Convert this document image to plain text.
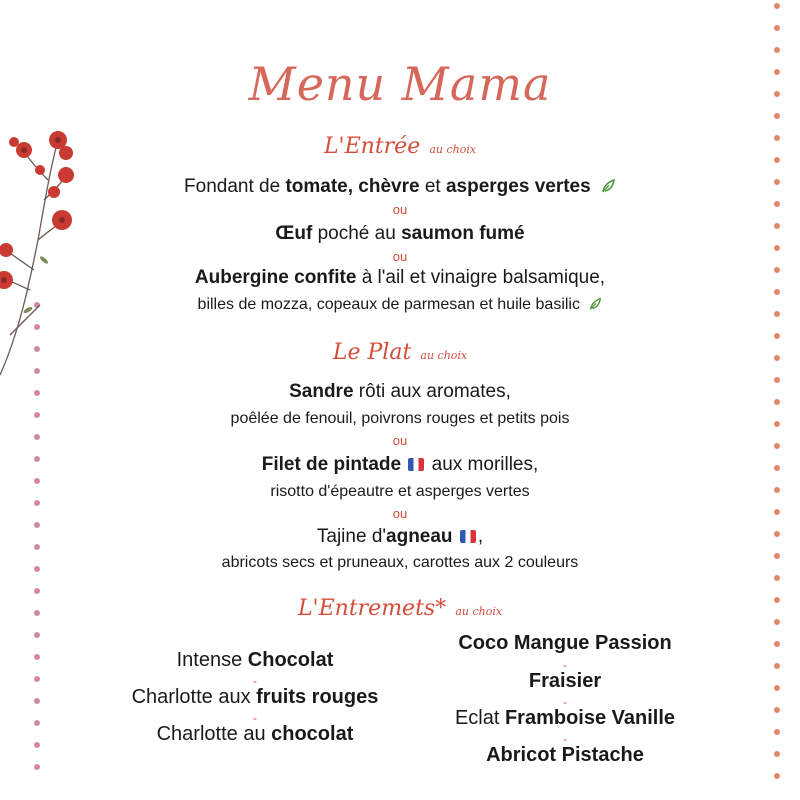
Menu Mama
L'Entrée au choix
Fondant de tomate, chèvre et asperges vertes
ou
Œuf poché au saumon fumé
ou
Aubergine confite à l'ail et vinaigre balsamique,
billes de mozza, copeaux de parmesan et huile basilic
Le Plat au choix
Sandre rôti aux aromates,
poêlée de fenouil, poivrons rouges et petits pois
ou
Filet de pintade  aux morilles,
risotto d'épeautre et asperges vertes
ou
Tajine d'agneau ,
abricots secs et pruneaux, carottes aux 2 couleurs
L'Entremets* au choix
Intense Chocolat
-
Charlotte aux fruits rouges
-
Charlotte au chocolat
Coco Mangue Passion
-
Fraisier
-
Eclat Framboise Vanille
-
Abricot Pistache
